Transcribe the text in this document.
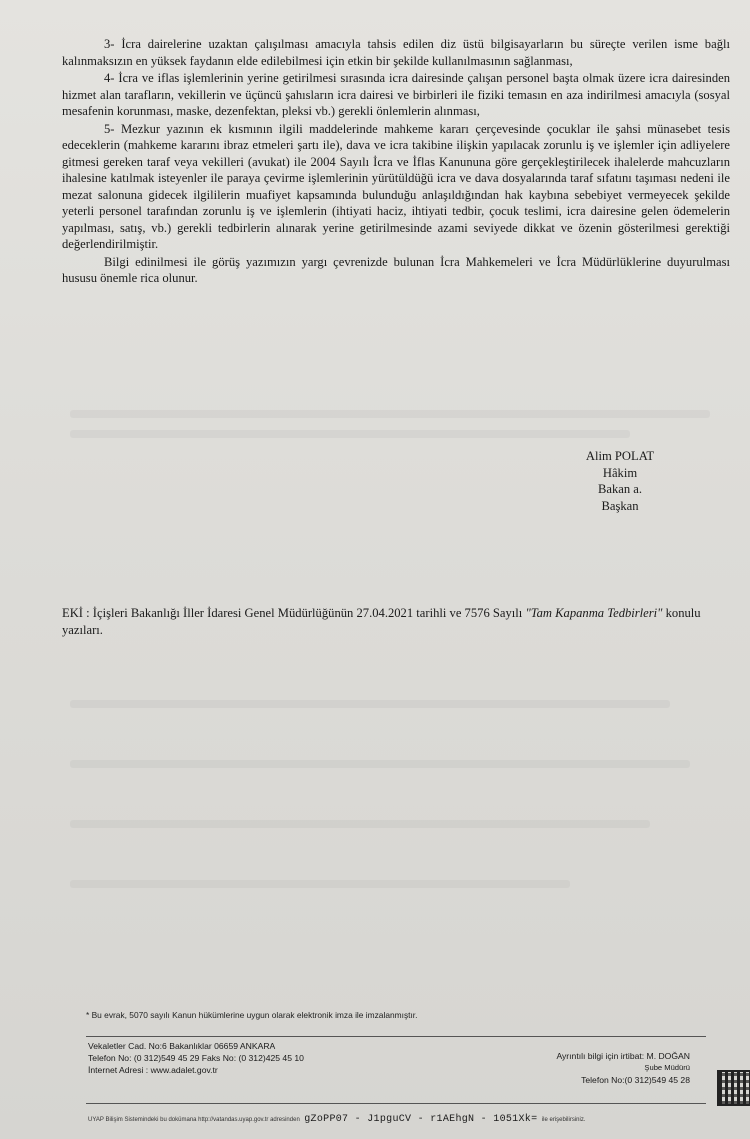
3- İcra dairelerine uzaktan çalışılması amacıyla tahsis edilen diz üstü bilgisayarların bu süreçte verilen isme bağlı kalınmaksızın en yüksek faydanın elde edilebilmesi için etkin bir şekilde kullanılmasının sağlanması,

4- İcra ve iflas işlemlerinin yerine getirilmesi sırasında icra dairesinde çalışan personel başta olmak üzere icra dairesinden hizmet alan tarafların, vekillerin ve üçüncü şahısların icra dairesi ve birbirleri ile fiziki temasın en aza indirilmesi amacıyla (sosyal mesafenin korunması, maske, dezenfektan, pleksi vb.) gerekli önlemlerin alınması,

5- Mezkur yazının ek kısmının ilgili maddelerinde mahkeme kararı çerçevesinde çocuklar ile şahsi münasebet tesis edeceklerin (mahkeme kararını ibraz etmeleri şartı ile), dava ve icra takibine ilişkin yapılacak zorunlu iş ve işlemler için adliyelere gitmesi gereken taraf veya vekilleri (avukat) ile 2004 Sayılı İcra ve İflas Kanununa göre gerçekleştirilecek ihalelerde mahcuzların ihalesine katılmak isteyenler ile paraya çevirme işlemlerinin yürütüldüğü icra ve dava dosyalarında taraf sıfatını taşıması nedeni ile mezat salonuna gidecek ilgililerin muafiyet kapsamında bulunduğu anlaşıldığından hak kaybına sebebiyet vermeyecek şekilde yeterli personel tarafından zorunlu iş ve işlemlerin (ihtiyati haciz, ihtiyati tedbir, çocuk teslimi, icra dairesine gelen ödemelerin yapılması, satış, vb.) gerekli tedbirlerin alınarak yerine getirilmesinde azami seviyede dikkat ve özenin gösterilmesi gerektiği değerlendirilmiştir.

Bilgi edinilmesi ile görüş yazımızın yargı çevrenizde bulunan İcra Mahkemeleri ve İcra Müdürlüklerine duyurulması hususu önemle rica olunur.

Alim POLAT
Hâkim
Bakan a.
Başkan
EKİ : İçişleri Bakanlığı İller İdaresi Genel Müdürlüğünün 27.04.2021 tarihli ve 7576 Sayılı "Tam Kapanma Tedbirleri" konulu yazıları.
* Bu evrak, 5070 sayılı Kanun hükümlerine uygun olarak elektronik imza ile imzalanmıştır.
Vekaletler Cad. No:6 Bakanlıklar 06659 ANKARA
Telefon No: (0 312)549 45 29 Faks No: (0 312)425 45 10
İnternet Adresi : www.adalet.gov.tr
Ayrıntılı bilgi için irtibat: M. DOĞAN
Şube Müdürü
Telefon No:(0 312)549 45 28
UYAP Bilişim Sistemindeki bu dokümana http://vatandas.uyap.gov.tr adresinden gZoPP07 - J1pguCV - r1AEhgN - 1051Xk= ile erişebilirsiniz.
